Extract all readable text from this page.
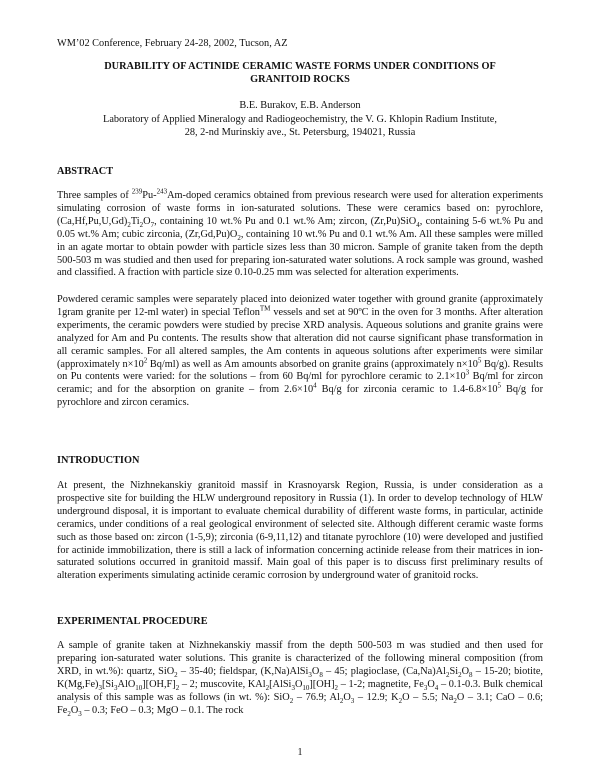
WM’02 Conference, February 24-28, 2002, Tucson, AZ
DURABILITY OF ACTINIDE CERAMIC WASTE FORMS UNDER CONDITIONS OF
GRANITOID ROCKS
B.E. Burakov, E.B. Anderson
Laboratory of Applied Mineralogy and Radiogeochemistry, the V. G. Khlopin Radium Institute,
28, 2-nd Murinskiy ave., St. Petersburg, 194021, Russia
ABSTRACT

Three samples of $^{239}$Pu-$^{243}$Am-doped ceramics obtained from previous research were used for alteration experiments simulating corrosion of waste forms in ion-saturated solutions. These were ceramics based on: pyrochlore, $(Ca,Hf,Pu,U,Gd)_2Ti_2O_7$, containing 10 wt.% Pu and 0.1 wt.% Am; zircon, (Zr,Pu)SiO$_4$, containing 5-6 wt.% Pu and 0.05 wt.% Am; cubic zirconia, $(Zr,Gd,Pu)O_2$, containing 10 wt.% Pu and 0.1 wt.% Am. All these samples were milled in an agate mortar to obtain powder with particle sizes less than 30 micron. Sample of granite taken from the depth 500-503 m was studied and then used for preparing ion-saturated water solutions. A rock sample was ground, washed and classified. A fraction with particle size 0.10-0.25 mm was selected for alteration experiments.

Powdered ceramic samples were separately placed into deionized water together with ground granite (approximately 1gram granite per 12-ml water) in special Teflon™ vessels and set at 90ºC in the oven for 3 months. After alteration experiments, the ceramic powders were studied by precise XRD analysis. Aqueous solutions and granite grains were analyzed for Am and Pu contents. The results show that alteration did not caurse significant phase transformation in all ceramic samples. For all altered samples, the Am contents in aqueous solutions after experiments were similar (approximately $n\times 10^2$ Bq/ml) as well as Am amounts absorbed on granite grains (approximately $n\times 10^5$ Bq/g). Results on Pu contents were varied: for the solutions – from 60 Bq/ml for pyrochlore ceramic to $2.1\times 10^3$ Bq/ml for zircon ceramic; and for the absorption on granite – from $2.6\times 10^4$ Bq/g for zirconia ceramic to $1.4-6.8\times 10^5$ Bq/g for pyrochlore and zircon ceramics.

INTRODUCTION

At present, the Nizhnekanskiy granitoid massif in Krasnoyarsk Region, Russia, is under consideration as a prospective site for building the HLW underground repository in Russia (1). In order to develop technology of HLW underground disposal, it is important to evaluate chemical durability of different waste forms, in particular, actinide ceramics, under conditions of a real geological environment of selected site. Although different ceramic waste forms such as those based on: zircon (1-5,9); zirconia (6-9,11,12) and titanate pyrochlore (10) were developed and justified for actinide immobilization, there is still a lack of information concerning actinide release from their matrices in ion-saturated solutions occurred in granitoid massif. Main goal of this paper is to discuss first preliminary results of alteration experiments simulating actinide ceramic corrosion by underground water of granitoid rocks.

EXPERIMENTAL PROCEDURE

A sample of granite taken at Nizhnekanskiy massif from the depth 500-503 m was studied and then used for preparing ion-saturated water solutions. This granite is characterized of the following mineral composition (from XRD, in wt.%): quartz, SiO$_2$ – 35-40; fieldspar, $(K,Na)AlSi_3O_8 - 45$; plagioclase, $(Ca,Na)Al_2Si_2O_8 - 15-20$; biotite, $K(Mg,Fe)_3[Si_3AlO_{10}][OH,F]_2 - 2$; muscovite, $KAl_2[AlSi_3O_{10}][OH]_2 - 1-2$; magnetite, $Fe_3O_4 - 0.1-0.3$. Bulk chemical analysis of this sample was as follows (in wt. %): SiO$_2$ – 76.9; $Al_2O_3 - 12.9$; $K_2O - 5.5$; $Na_2O - 3.1$; CaO – 0.6; $Fe_2O_3 - 0.3$; FeO – 0.3; MgO – 0.1. The rock

1
